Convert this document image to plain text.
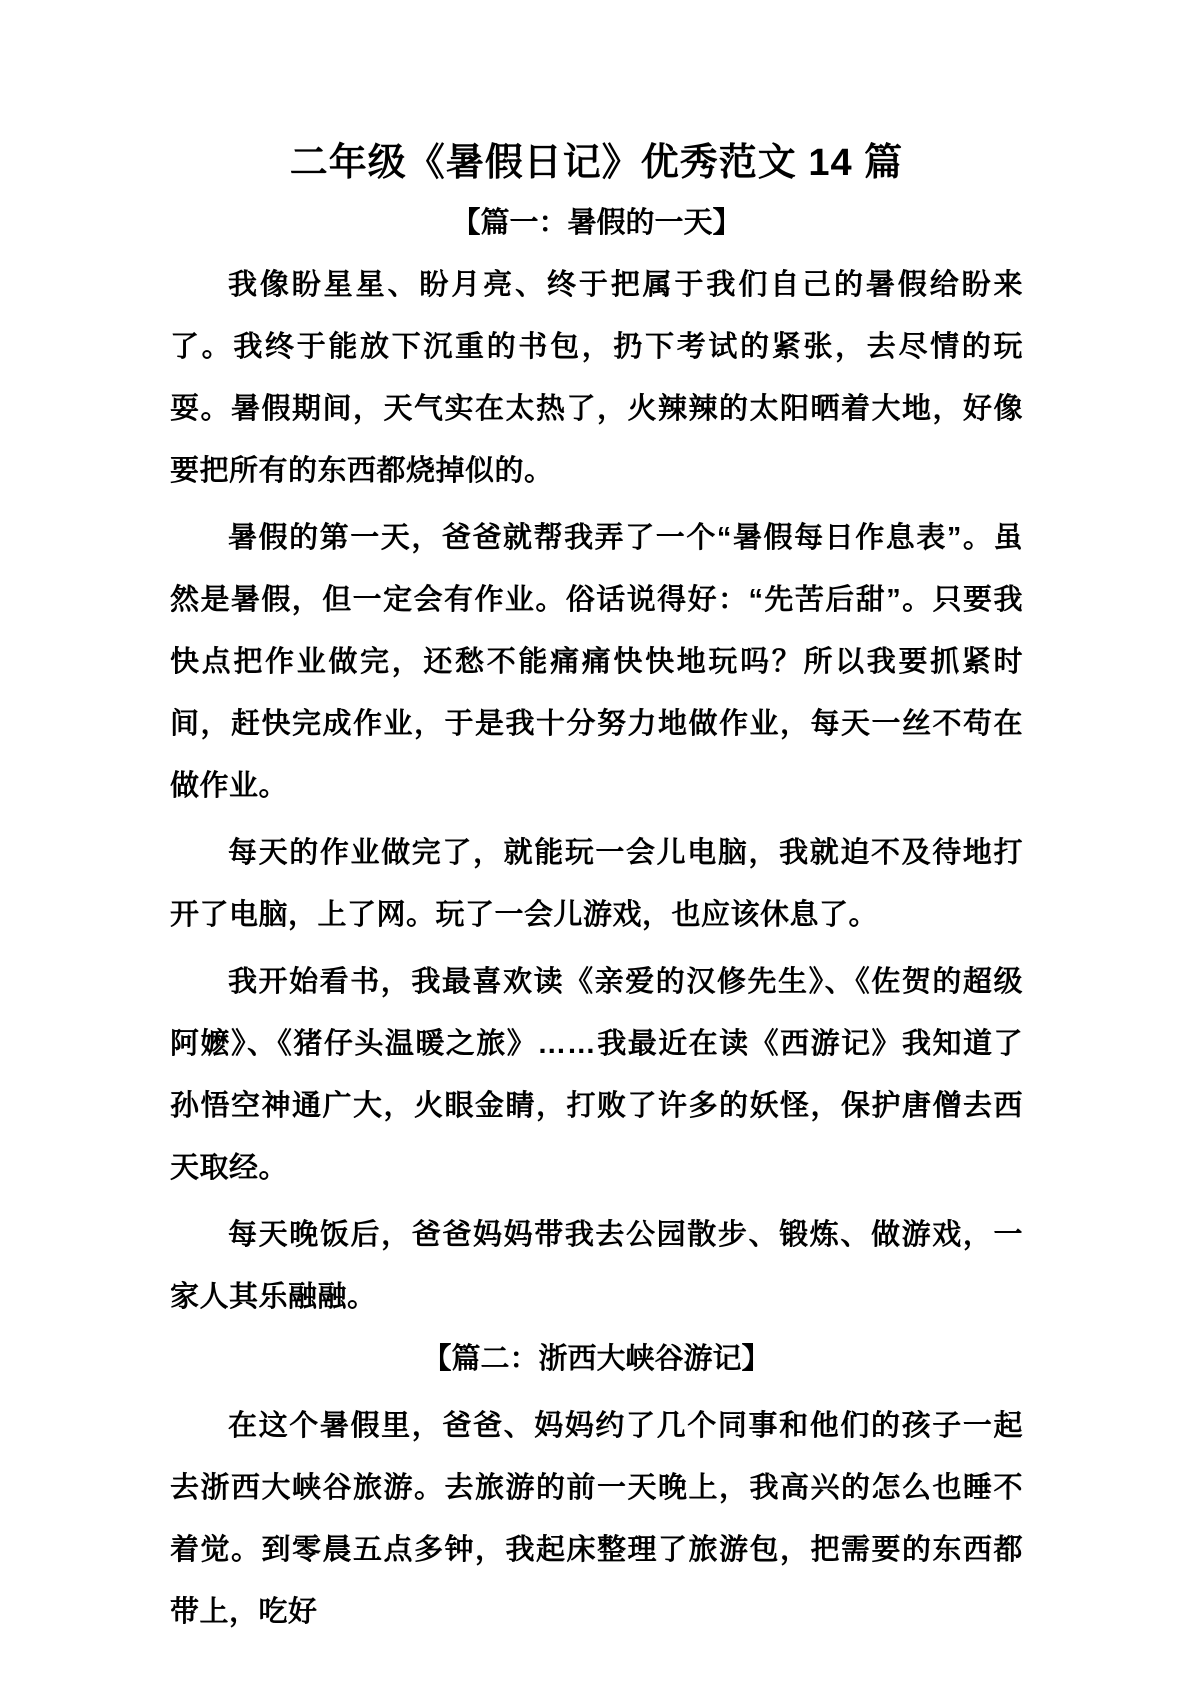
二年级《暑假日记》优秀范文 14 篇
【篇一：暑假的一天】

我像盼星星、盼月亮、终于把属于我们自己的暑假给盼来了。我终于能放下沉重的书包，扔下考试的紧张，去尽情的玩耍。暑假期间，天气实在太热了，火辣辣的太阳晒着大地，好像要把所有的东西都烧掉似的。

暑假的第一天，爸爸就帮我弄了一个“暑假每日作息表”。虽然是暑假，但一定会有作业。俗话说得好：“先苦后甜”。只要我快点把作业做完，还愁不能痛痛快快地玩吗？所以我要抓紧时间，赶快完成作业，于是我十分努力地做作业，每天一丝不苟在做作业。

每天的作业做完了，就能玩一会儿电脑，我就迫不及待地打开了电脑，上了网。玩了一会儿游戏，也应该休息了。

我开始看书，我最喜欢读《亲爱的汉修先生》、《佐贺的超级阿嬷》、《猪仔头温暖之旅》……我最近在读《西游记》我知道了孙悟空神通广大，火眼金睛，打败了许多的妖怪，保护唐僧去西天取经。

每天晚饭后，爸爸妈妈带我去公园散步、锻炼、做游戏，一家人其乐融融。

【篇二：浙西大峡谷游记】

在这个暑假里，爸爸、妈妈约了几个同事和他们的孩子一起去浙西大峡谷旅游。去旅游的前一天晚上，我高兴的怎么也睡不着觉。到零晨五点多钟，我起床整理了旅游包，把需要的东西都带上，吃好
